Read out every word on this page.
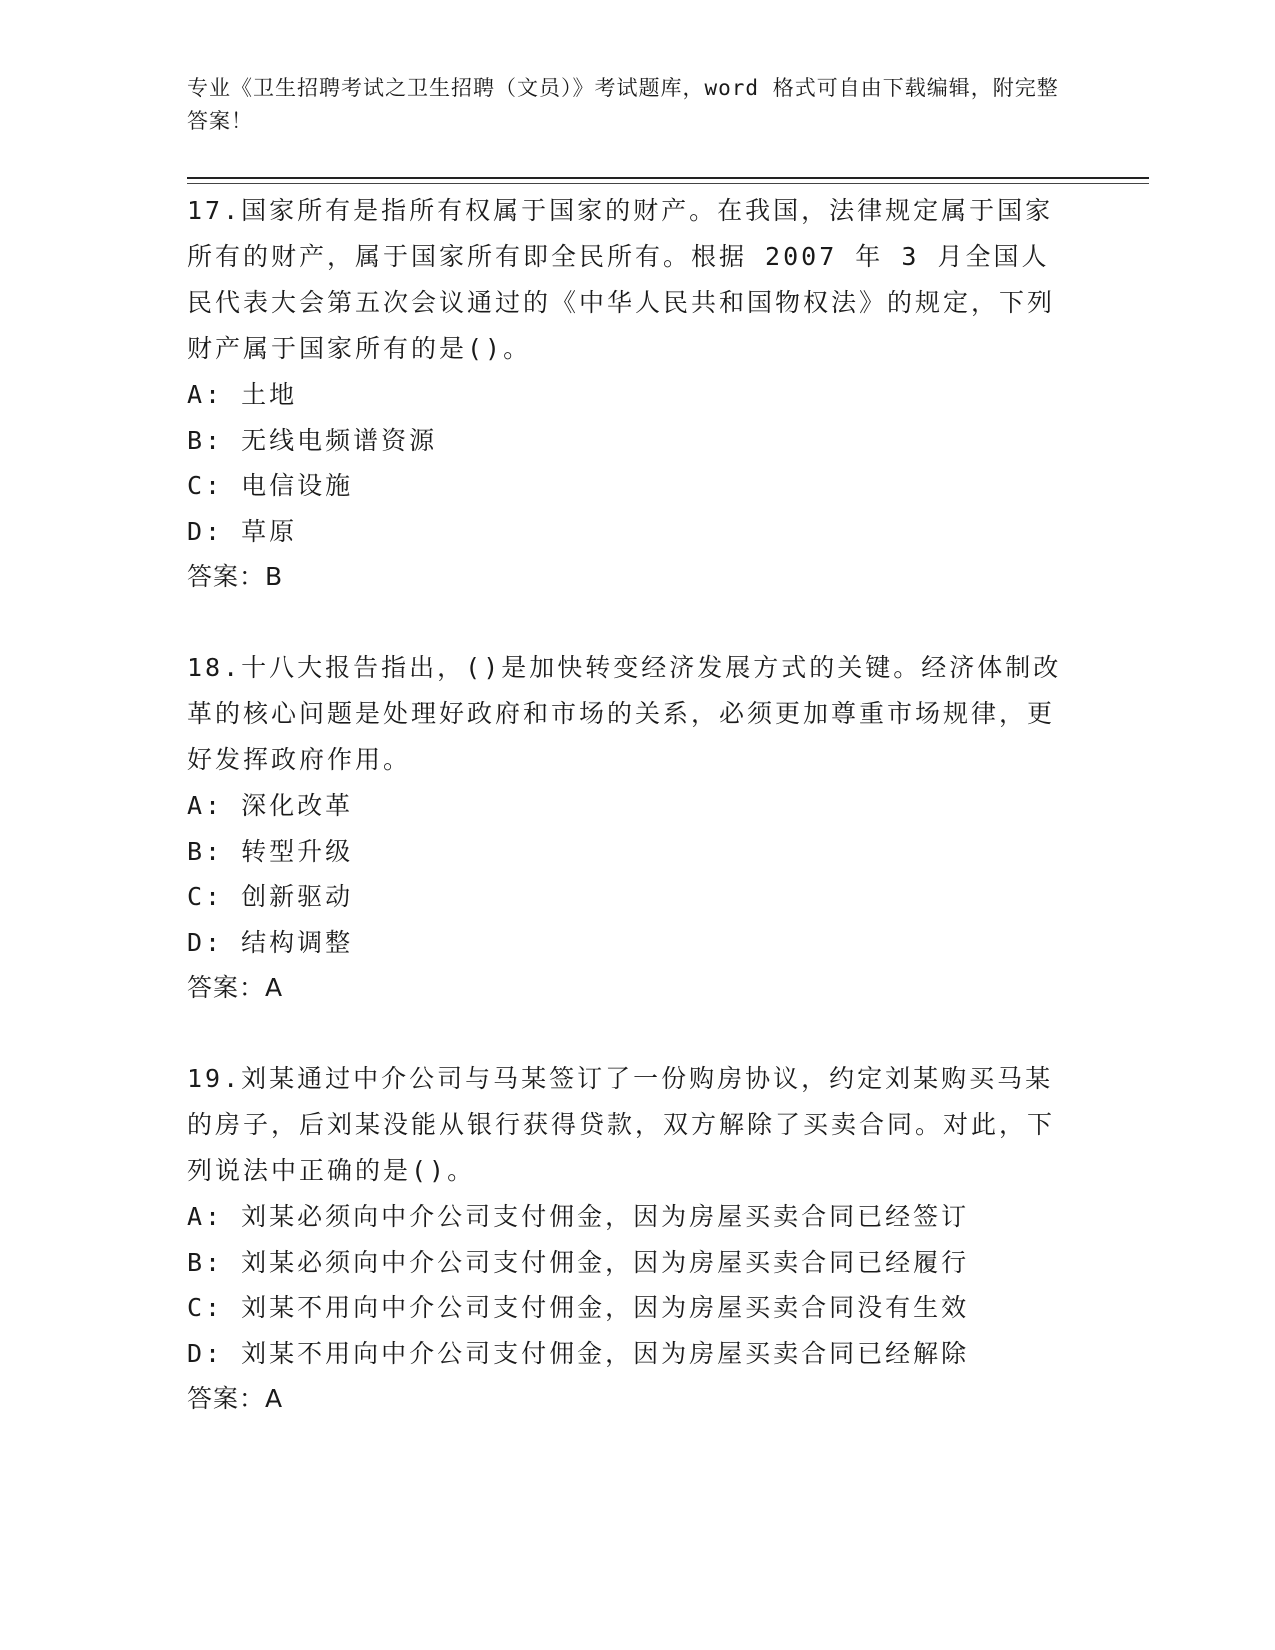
专业《卫生招聘考试之卫生招聘（文员）》考试题库，word 格式可自由下载编辑，附完整答案！
17.国家所有是指所有权属于国家的财产。在我国，法律规定属于国家所有的财产，属于国家所有即全民所有。根据 2007 年 3 月全国人民代表大会第五次会议通过的《中华人民共和国物权法》的规定，下列财产属于国家所有的是()。
A: 土地
B: 无线电频谱资源
C: 电信设施
D: 草原
答案：B
18.十八大报告指出，()是加快转变经济发展方式的关键。经济体制改革的核心问题是处理好政府和市场的关系，必须更加尊重市场规律，更好发挥政府作用。
A: 深化改革
B: 转型升级
C: 创新驱动
D: 结构调整
答案：A
19.刘某通过中介公司与马某签订了一份购房协议，约定刘某购买马某的房子，后刘某没能从银行获得贷款，双方解除了买卖合同。对此，下列说法中正确的是()。
A: 刘某必须向中介公司支付佣金，因为房屋买卖合同已经签订
B: 刘某必须向中介公司支付佣金，因为房屋买卖合同已经履行
C: 刘某不用向中介公司支付佣金，因为房屋买卖合同没有生效
D: 刘某不用向中介公司支付佣金，因为房屋买卖合同已经解除
答案：A
